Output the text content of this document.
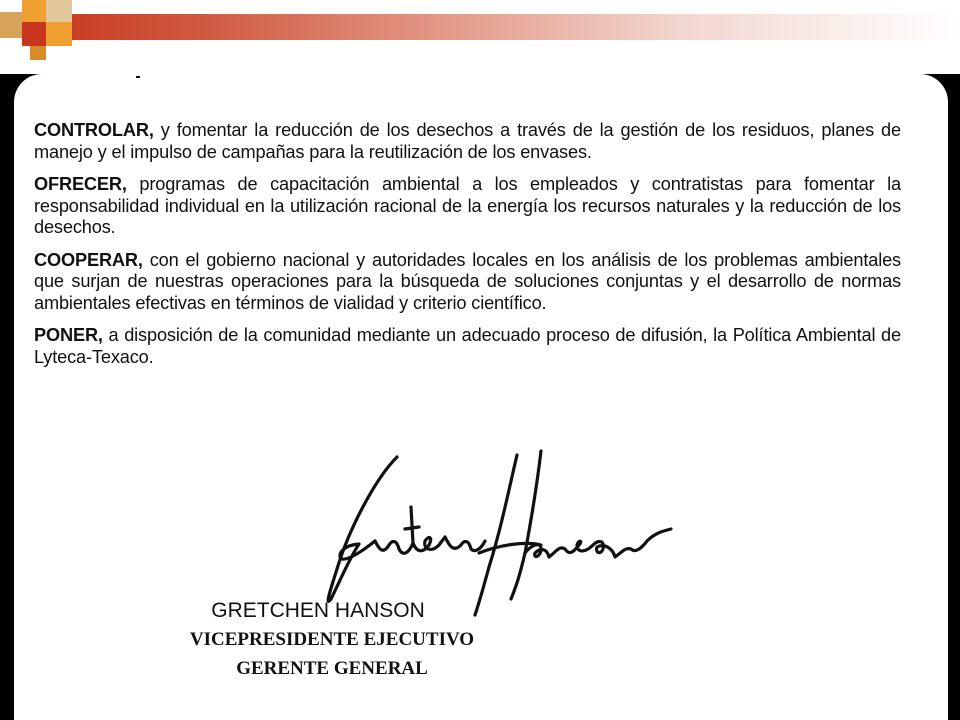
CONTROLAR, y fomentar la reducción de los desechos a través de la gestión de los residuos, planes de manejo y el impulso de campañas para la reutilización de los envases.

OFRECER, programas de capacitación ambiental a los empleados y contratistas para fomentar la responsabilidad individual en la utilización racional de la energía los recursos naturales y la reducción de los desechos.

COOPERAR, con el gobierno nacional y autoridades locales en los análisis de los problemas ambientales que surjan de nuestras operaciones para la búsqueda de soluciones conjuntas y el desarrollo de normas ambientales efectivas en términos de vialidad y criterio científico.

PONER, a disposición de la comunidad mediante un adecuado proceso de difusión, la Política Ambiental de Lyteca-Texaco.

GRETCHEN HANSON
VICEPRESIDENTE EJECUTIVO
GERENTE GENERAL
